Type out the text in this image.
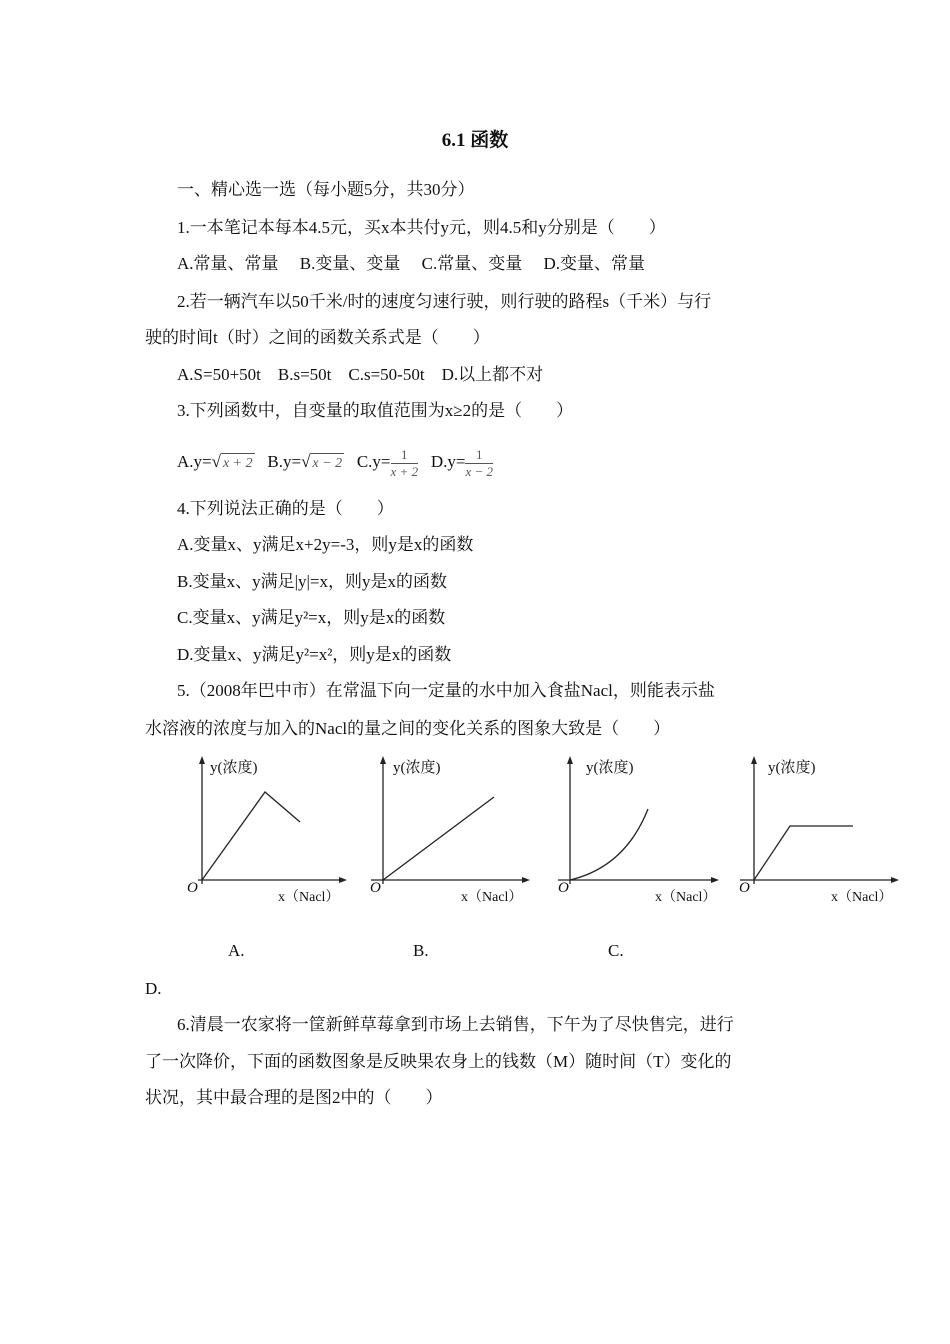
6.1 函数
一、精心选一选（每小题5分，共30分）
1.一本笔记本每本4.5元，买x本共付y元，则4.5和y分别是（　　）
A.常量、常量　 B.变量、变量　 C.常量、变量　 D.变量、常量
2.若一辆汽车以50千米/时的速度匀速行驶，则行驶的路程s（千米）与行
驶的时间t（时）之间的函数关系式是（　　）
A.S=50+50t　B.s=50t　C.s=50-50t　D.以上都不对
3.下列函数中，自变量的取值范围为x≥2的是（　　）
A.y=√ x + 2 B.y=√ x − 2 $C.y= \frac{1}{x + 2} D.y= \frac{1}{x - 2}$
4.下列说法正确的是（　　）
A.变量x、y满足x+2y=-3，则y是x的函数
B.变量x、y满足|y|=x，则y是x的函数
C.变量x、y满足y²=x，则y是x的函数
D.变量x、y满足y²=x²，则y是x的函数
5.（2008年巴中市）在常温下向一定量的水中加入食盐Nacl，则能表示盐
水溶液的浓度与加入的Nacl的量之间的变化关系的图象大致是（　　）
y(浓度)
O
x（Nacl）
y(浓度)
O
x（Nacl）
y(浓度)
O
x（Nacl）
y(浓度)
O
x（Nacl）
A.	B.	C.
D.
6.清晨一农家将一筐新鲜草莓拿到市场上去销售，下午为了尽快售完，进行
了一次降价，下面的函数图象是反映果农身上的钱数（M）随时间（T）变化的
状况，其中最合理的是图2中的（　　）
